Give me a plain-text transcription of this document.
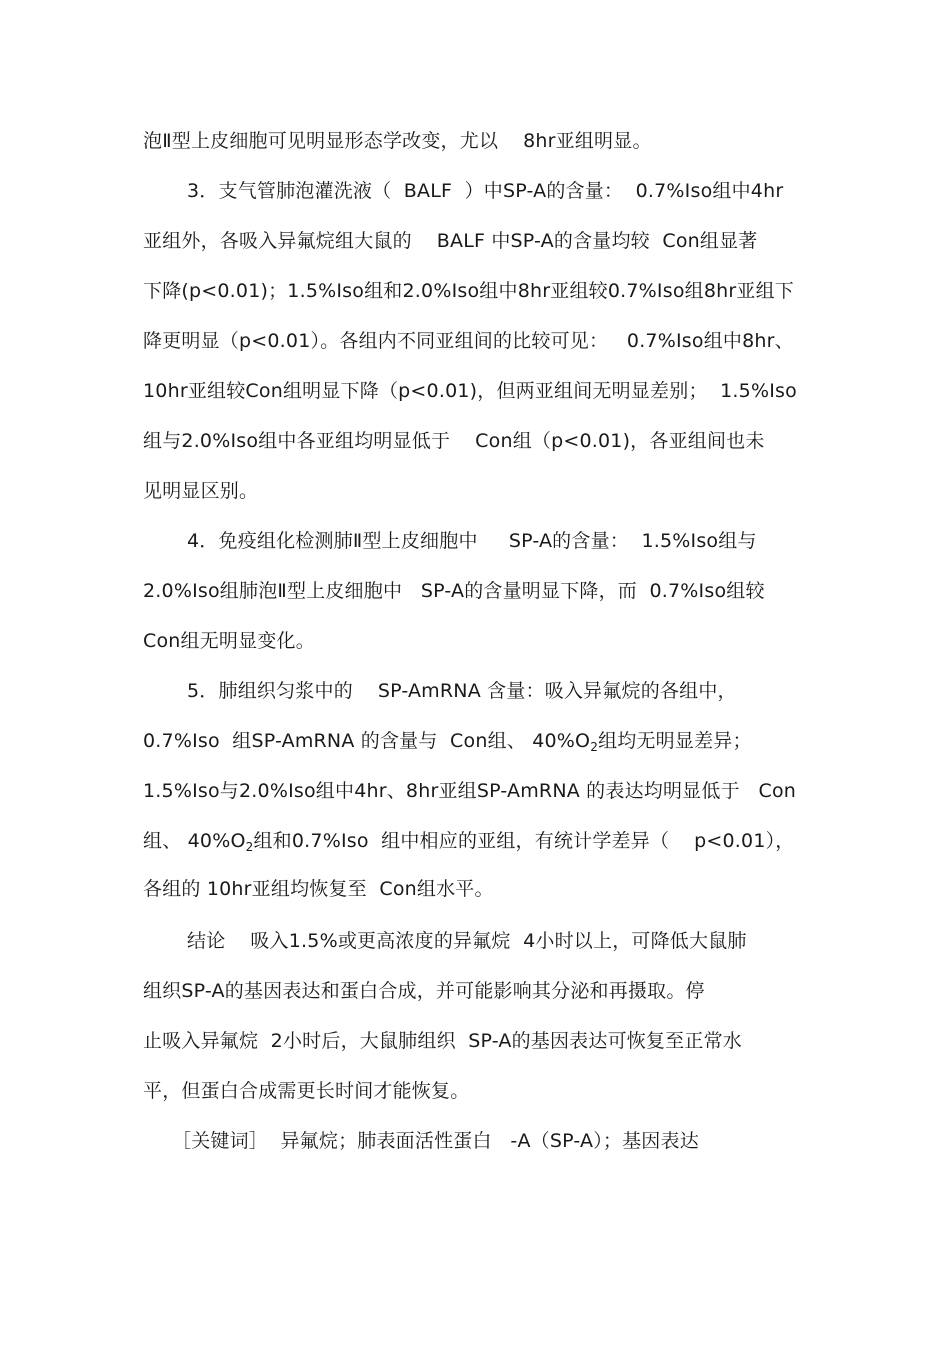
泡Ⅱ型上皮细胞可见明显形态学改变，尤以    8hr亚组明显。
3．支气管肺泡灌洗液（  BALF  ）中SP-A的含量：  0.7%Iso组中4hr
亚组外，各吸入异氟烷组大鼠的    BALF 中SP-A的含量均较  Con组显著
下降(p<0.01)；1.5%Iso组和2.0%Iso组中8hr亚组较0.7%Iso组8hr亚组下
降更明显（p<0.01）。各组内不同亚组间的比较可见：   0.7%Iso组中8hr、
10hr亚组较Con组明显下降（p<0.01)，但两亚组间无明显差别；  1.5%Iso
组与2.0%Iso组中各亚组均明显低于    Con组（p<0.01)，各亚组间也未
见明显区别。
4．免疫组化检测肺Ⅱ型上皮细胞中     SP-A的含量：  1.5%Iso组与
2.0%Iso组肺泡Ⅱ型上皮细胞中   SP-A的含量明显下降，而  0.7%Iso组较
Con组无明显变化。
5．肺组织匀浆中的    SP-AmRNA 含量：吸入异氟烷的各组中，
0.7%Iso  组SP-AmRNA 的含量与  Con组、 $40\%O_2$组均无明显差异；
1.5%Iso与2.0%Iso组中4hr、8hr亚组SP-AmRNA 的表达均明显低于   Con
组、 $40\%O_2$组和0.7%Iso  组中相应的亚组，有统计学差异（    p<0.01），
各组的 10hr亚组均恢复至  Con组水平。
结论    吸入1.5%或更高浓度的异氟烷  4小时以上，可降低大鼠肺
组织SP-A的基因表达和蛋白合成，并可能影响其分泌和再摄取。停
止吸入异氟烷  2小时后，大鼠肺组织  SP-A的基因表达可恢复至正常水
平，但蛋白合成需更长时间才能恢复。
［关键词］  异氟烷；肺表面活性蛋白   -A（SP-A）；基因表达
